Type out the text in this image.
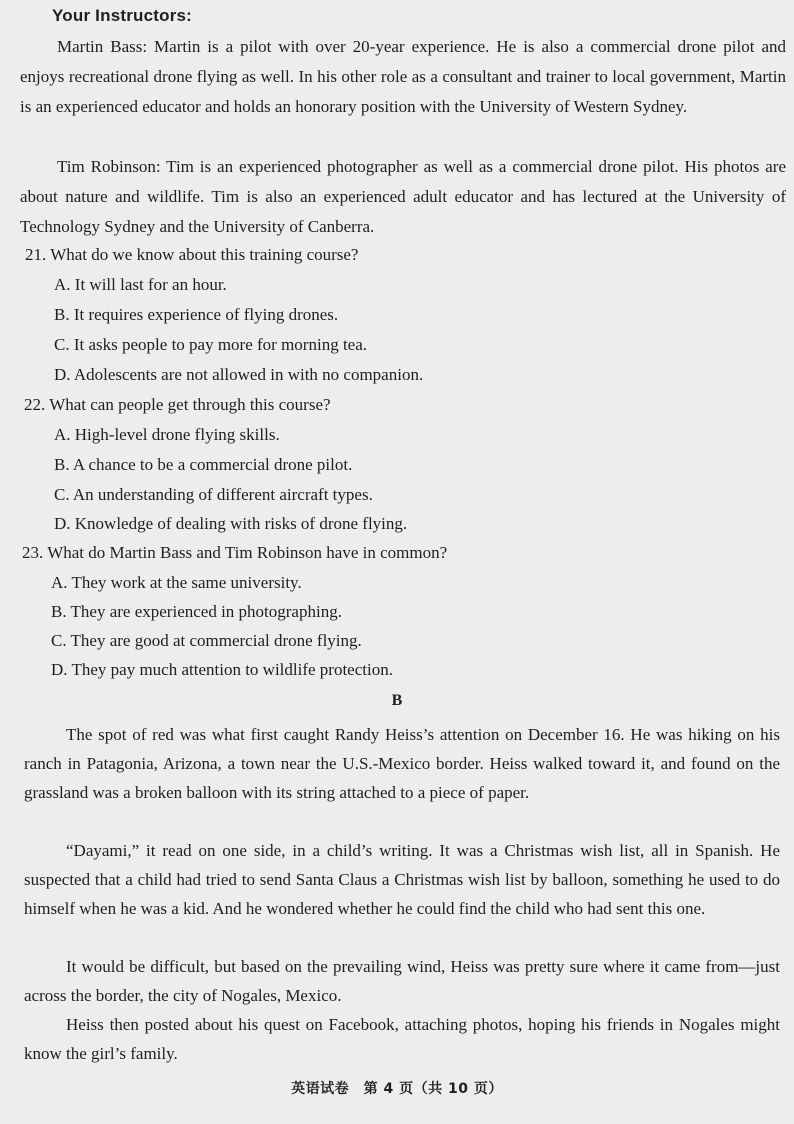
Your Instructors:

Martin Bass: Martin is a pilot with over 20-year experience. He is also a commercial drone pilot and enjoys recreational drone flying as well. In his other role as a consultant and trainer to local government, Martin is an experienced educator and holds an honorary position with the University of Western Sydney.

Tim Robinson: Tim is an experienced photographer as well as a commercial drone pilot. His photos are about nature and wildlife. Tim is also an experienced adult educator and has lectured at the University of Technology Sydney and the University of Canberra.

21. What do we know about this training course?

A. It will last for an hour.

B. It requires experience of flying drones.

C. It asks people to pay more for morning tea.

D. Adolescents are not allowed in with no companion.

22. What can people get through this course?

A. High-level drone flying skills.

B. A chance to be a commercial drone pilot.

C. An understanding of different aircraft types.

D. Knowledge of dealing with risks of drone flying.

23. What do Martin Bass and Tim Robinson have in common?

A. They work at the same university.

B. They are experienced in photographing.

C. They are good at commercial drone flying.

D. They pay much attention to wildlife protection.

B

The spot of red was what first caught Randy Heiss’s attention on December 16. He was hiking on his ranch in Patagonia, Arizona, a town near the U.S.-Mexico border. Heiss walked toward it, and found on the grassland was a broken balloon with its string attached to a piece of paper.

“Dayami,” it read on one side, in a child’s writing. It was a Christmas wish list, all in Spanish. He suspected that a child had tried to send Santa Claus a Christmas wish list by balloon, something he used to do himself when he was a kid. And he wondered whether he could find the child who had sent this one.

It would be difficult, but based on the prevailing wind, Heiss was pretty sure where it came from—just across the border, the city of Nogales, Mexico.

Heiss then posted about his quest on Facebook, attaching photos, hoping his friends in Nogales might know the girl’s family.

英语试卷　第 4 页（共 10 页）
